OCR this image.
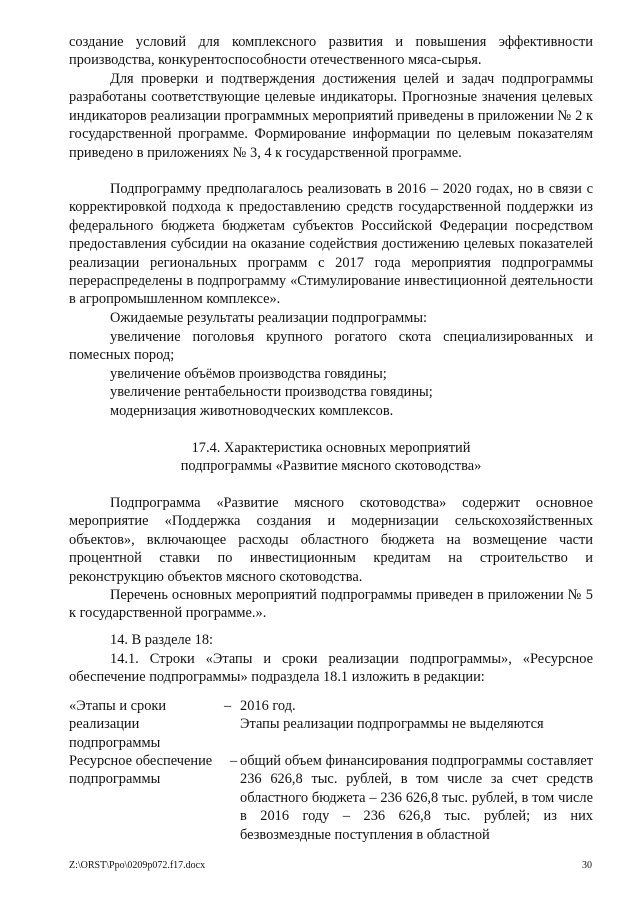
создание условий для комплексного развития и повышения эффективности производства, конкурентоспособности отечественного мяса-сырья.
Для проверки и подтверждения достижения целей и задач подпрограммы разработаны соответствующие целевые индикаторы. Прогнозные значения целевых индикаторов реализации программных мероприятий приведены в приложении № 2 к государственной программе. Формирование информации по целевым показателям приведено в приложениях № 3, 4 к государственной программе.
Подпрограмму предполагалось реализовать в 2016 – 2020 годах, но в связи с корректировкой подхода к предоставлению средств государственной поддержки из федерального бюджета бюджетам субъектов Российской Федерации посредством предоставления субсидии на оказание содействия достижению целевых показателей реализации региональных программ с 2017 года мероприятия подпрограммы перераспределены в подпрограмму «Стимулирование инвестиционной деятельности в агропромышленном комплексе».
Ожидаемые результаты реализации подпрограммы:
увеличение поголовья крупного рогатого скота специализированных и помесных пород;
увеличение объёмов производства говядины;
увеличение рентабельности производства говядины;
модернизация животноводческих комплексов.
17.4. Характеристика основных мероприятий
подпрограммы «Развитие мясного скотоводства»
Подпрограмма «Развитие мясного скотоводства» содержит основное мероприятие «Поддержка создания и модернизации сельскохозяйственных объектов», включающее расходы областного бюджета на возмещение части процентной ставки по инвестиционным кредитам на строительство и реконструкцию объектов мясного скотоводства.
Перечень основных мероприятий подпрограммы приведен в приложении № 5 к государственной программе.».
14. В разделе 18:
14.1. Строки «Этапы и сроки реализации подпрограммы», «Ресурсное обеспечение подпрограммы» подраздела 18.1 изложить в редакции:
«Этапы и сроки
реализации
подпрограммы
– 2016 год.
Этапы реализации подпрограммы не выделяются
Ресурсное обеспечение
подпрограммы
– общий объем финансирования подпрограммы составляет 236 626,8 тыс. рублей, в том числе за счет средств областного бюджета – 236 626,8 тыс. рублей, в том числе в 2016 году – 236 626,8 тыс. рублей; из них безвозмездные поступления в областной
Z:\ORST\Ppo\0209p072.f17.docx	30
